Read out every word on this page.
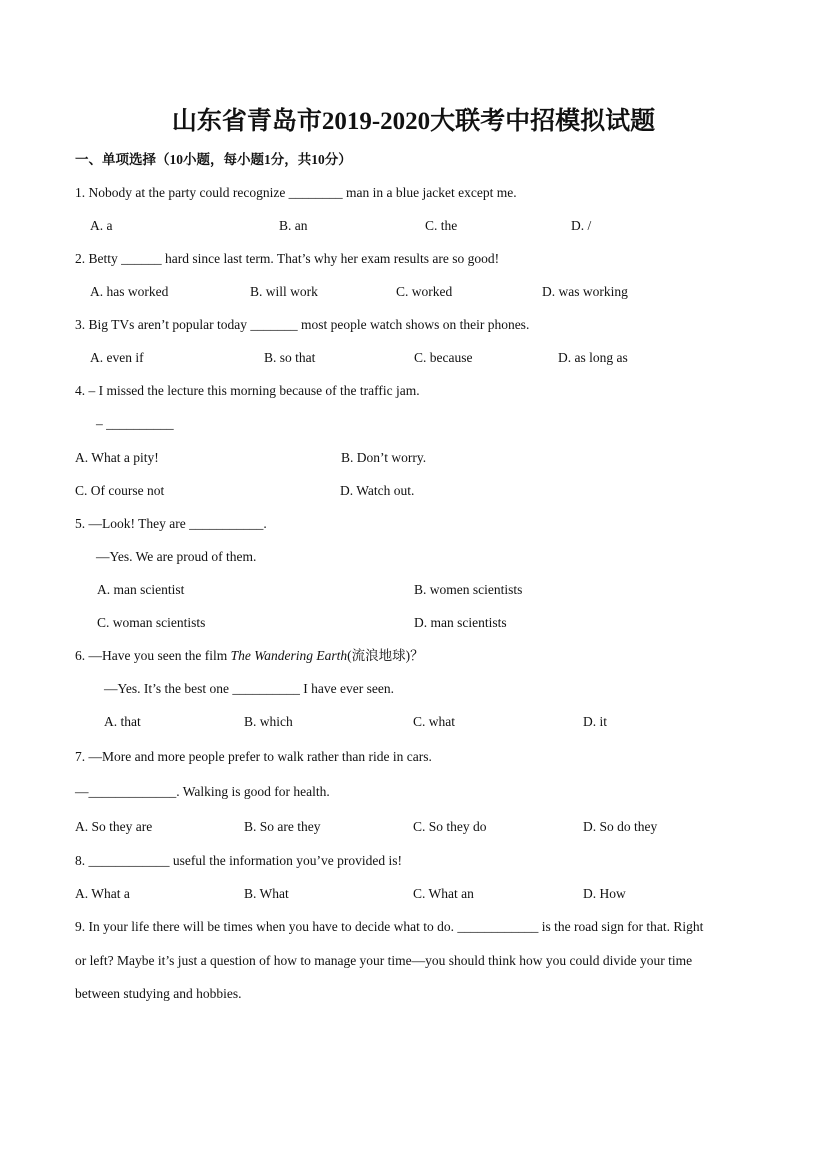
山东省青岛市2019-2020大联考中招模拟试题
一、单项选择（10小题，每小题1分，共10分）
1. Nobody at the party could recognize ________ man in a blue jacket except me.
A. a	B. an	C. the	D. /
2. Betty ______ hard since last term. That’s why her exam results are so good!
A. has worked	B. will work	C. worked	D. was working
3. Big TVs aren’t popular today _______ most people watch shows on their phones.
A. even if	B. so that	C. because	D. as long as
4. – I missed the lecture this morning because of the traffic jam.
– __________
A. What a pity!	B. Don’t worry.
C. Of course not	D. Watch out.
5. —Look! They are ___________.
—Yes. We are proud of them.
A. man scientist	B. women scientists
C. woman scientists	D. man scientists
6. —Have you seen the film The Wandering Earth(流浪地球)？
—Yes. It’s the best one __________ I have ever seen.
A. that	B. which	C. what	D. it
7. —More and more people prefer to walk rather than ride in cars.
—_____________. Walking is good for health.
A. So they are	B. So are they	C. So they do	D. So do they
8. ____________ useful the information you’ve provided is!
A. What a	B. What	C. What an	D. How
9. In your life there will be times when you have to decide what to do. ____________ is the road sign for that. Right
or left? Maybe it’s just a question of how to manage your time—you should think how you could divide your time
between studying and hobbies.
